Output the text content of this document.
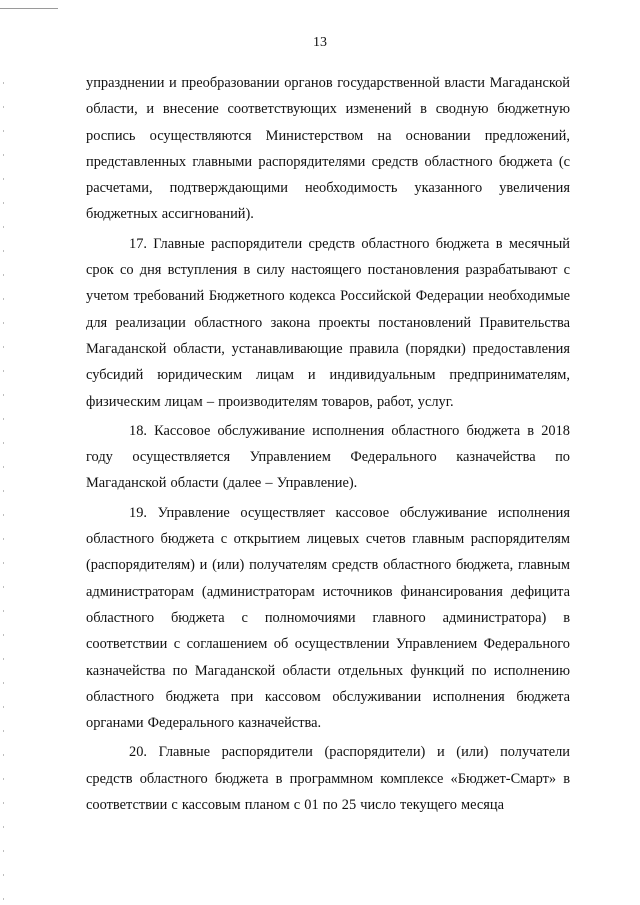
13

упразднении и преобразовании органов государственной власти Магаданской области, и внесение соответствующих изменений в сводную бюджетную роспись осуществляются Министерством на основании предложений, представленных главными распорядителями средств областного бюджета (с расчетами, подтверждающими необходимость указанного увеличения бюджетных ассигнований).

17. Главные распорядители средств областного бюджета в месячный срок со дня вступления в силу настоящего постановления разрабатывают с учетом требований Бюджетного кодекса Российской Федерации необходимые для реализации областного закона проекты постановлений Правительства Магаданской области, устанавливающие правила (порядки) предоставления субсидий юридическим лицам и индивидуальным предпринимателям, физическим лицам – производителям товаров, работ, услуг.

18. Кассовое обслуживание исполнения областного бюджета в 2018 году осуществляется Управлением Федерального казначейства по Магаданской области (далее – Управление).

19. Управление осуществляет кассовое обслуживание исполнения областного бюджета с открытием лицевых счетов главным распорядителям (распорядителям) и (или) получателям средств областного бюджета, главным администраторам (администраторам источников финансирования дефицита областного бюджета с полномочиями главного администратора) в соответствии с соглашением об осуществлении Управлением Федерального казначейства по Магаданской области отдельных функций по исполнению областного бюджета при кассовом обслуживании исполнения бюджета органами Федерального казначейства.

20. Главные распорядители (распорядители) и (или) получатели средств областного бюджета в программном комплексе «Бюджет-Смарт» в соответствии с кассовым планом с 01 по 25 число текущего месяца
